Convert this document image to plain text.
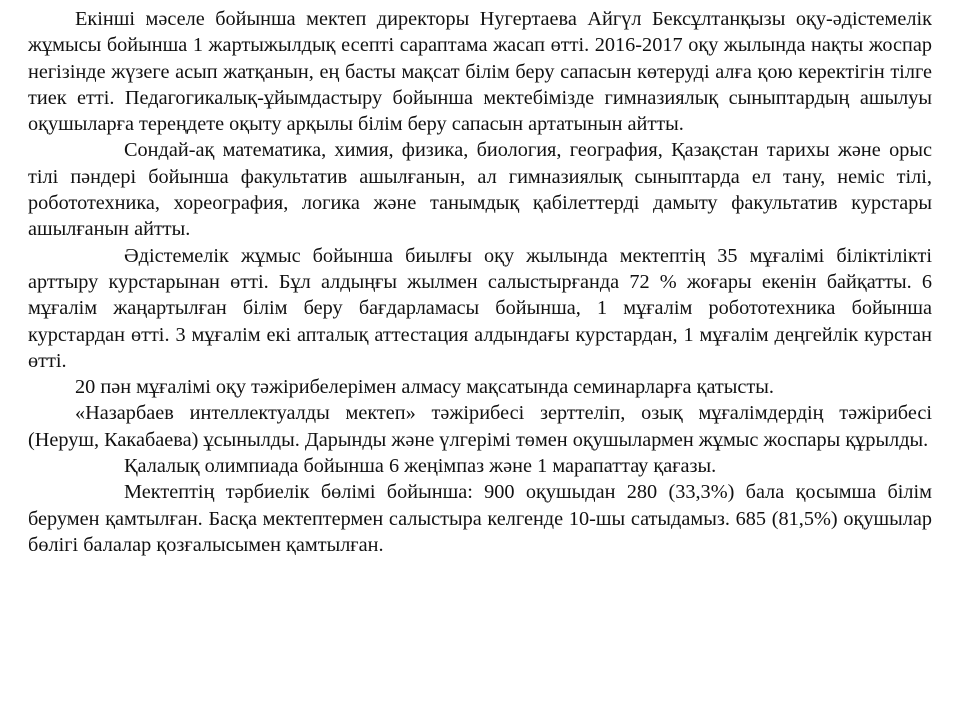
Екінші мәселе бойынша мектеп директоры Нугертаева Айгүл Бексұлтанқызы оқу-әдістемелік жұмысы бойынша 1 жартыжылдық есепті сараптама жасап өтті. 2016-2017 оқу жылында нақты жоспар негізінде жүзеге асып жатқанын, ең басты мақсат білім беру сапасын көтеруді алға қою керектігін тілге тиек етті. Педагогикалық-ұйымдастыру бойынша мектебімізде гимназиялық сыныптардың ашылуы оқушыларға тереңдете оқыту арқылы білім беру сапасын артатынын айтты.

Сондай-ақ математика, химия, физика, биология, география, Қазақстан тарихы және орыс тілі пәндері бойынша факультатив ашылғанын, ал гимназиялық сыныптарда ел тану, неміс тілі, робототехника, хореография, логика және танымдық қабілеттерді дамыту факультатив курстары ашылғанын айтты.

Әдістемелік жұмыс бойынша биылғы оқу жылында мектептің 35 мұғалімі біліктілікті арттыру курстарынан өтті. Бұл алдыңғы жылмен салыстырғанда 72 % жоғары екенін байқатты. 6 мұғалім жаңартылған білім беру бағдарламасы бойынша, 1 мұғалім робототехника бойынша курстардан өтті. 3 мұғалім екі апталық аттестация алдындағы курстардан, 1 мұғалім деңгейлік курстан өтті.

20 пән мұғалімі оқу тәжірибелерімен алмасу мақсатында семинарларға қатысты.

«Назарбаев интеллектуалды мектеп» тәжірибесі зерттеліп, озық мұғалімдердің тәжірибесі (Неруш, Какабаева) ұсынылды. Дарынды және үлгерімі төмен оқушылармен жұмыс жоспары құрылды.

Қалалық олимпиада бойынша 6 жеңімпаз және 1 марапаттау қағазы.

Мектептің тәрбиелік бөлімі бойынша: 900 оқушыдан 280 (33,3%) бала қосымша білім берумен қамтылған. Басқа мектептермен салыстыра келгенде 10-шы сатыдамыз. 685 (81,5%) оқушылар бөлігі балалар қозғалысымен қамтылған.
